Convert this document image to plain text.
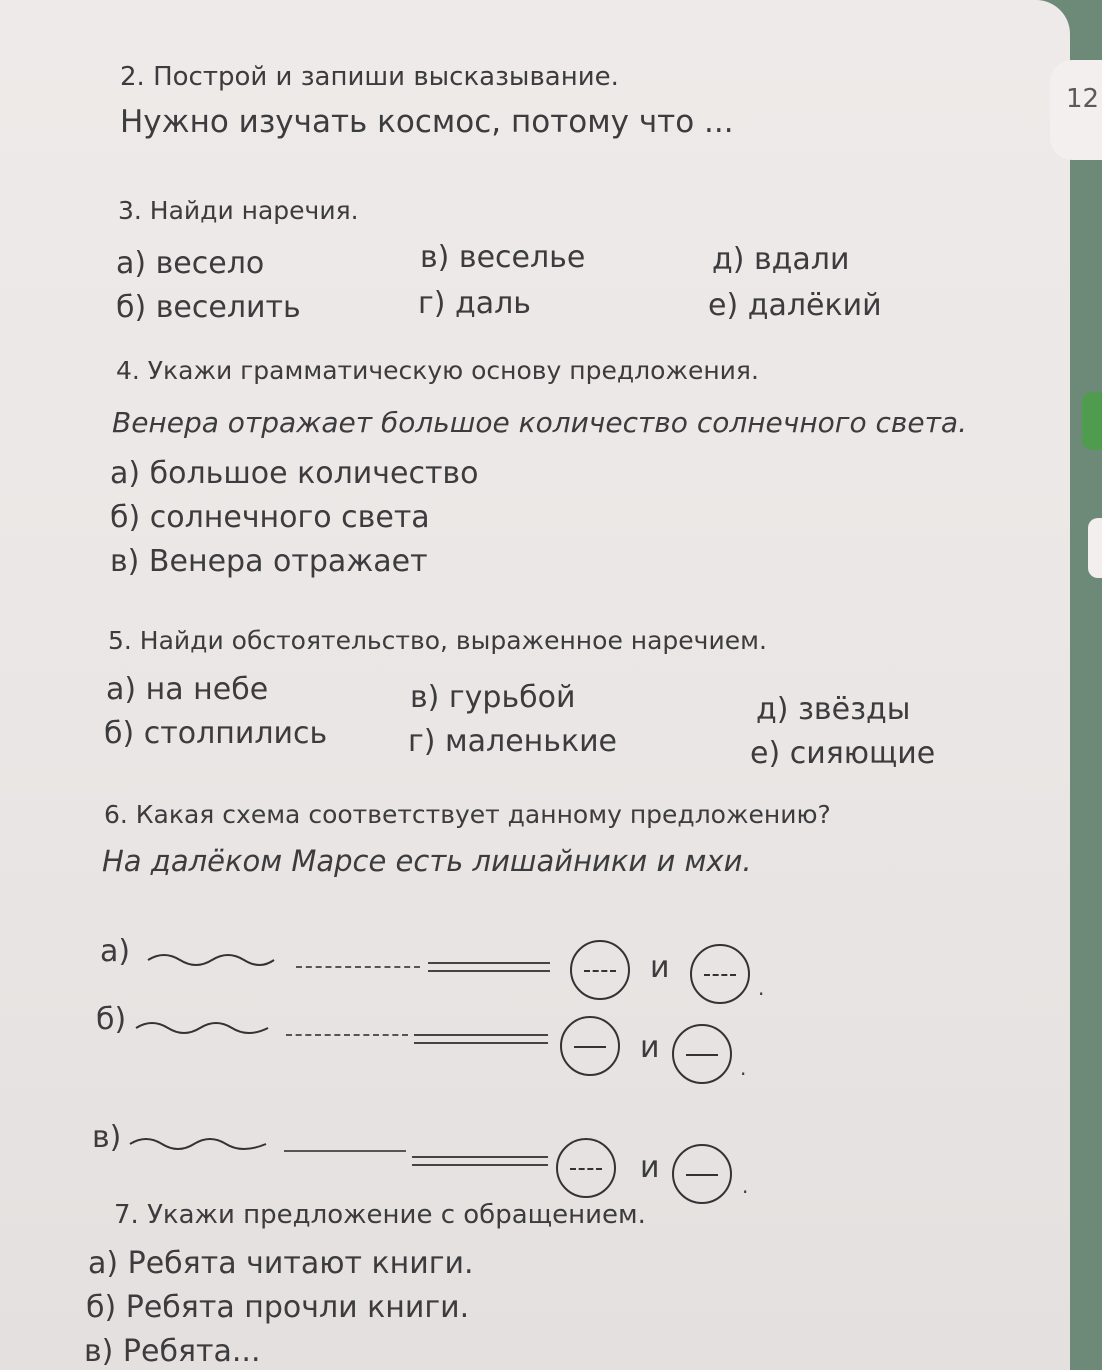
12
2. Построй и запиши высказывание.
Нужно изучать космос, потому что ...
3. Найди наречия.
а) весело
б) веселить
в) веселье
г) даль
д) вдали
е) далёкий
4. Укажи грамматическую основу предложения.
Венера отражает большое количество солнечного света.
а) большое количество
б) солнечного света
в) Венера отражает
5. Найди обстоятельство, выраженное наречием.
а) на небе
б) столпились
в) гурьбой
г) маленькие
д) звёзды
е) сияющие
6. Какая схема соответствует данному предложению?
На далёком Марсе есть лишайники и мхи.
а)	и
.
б)
и
.
в)
и
.
7. Укажи предложение с обращением.
а) Ребята читают книги.
б) Ребята прочли книги.
в) Ребята...
